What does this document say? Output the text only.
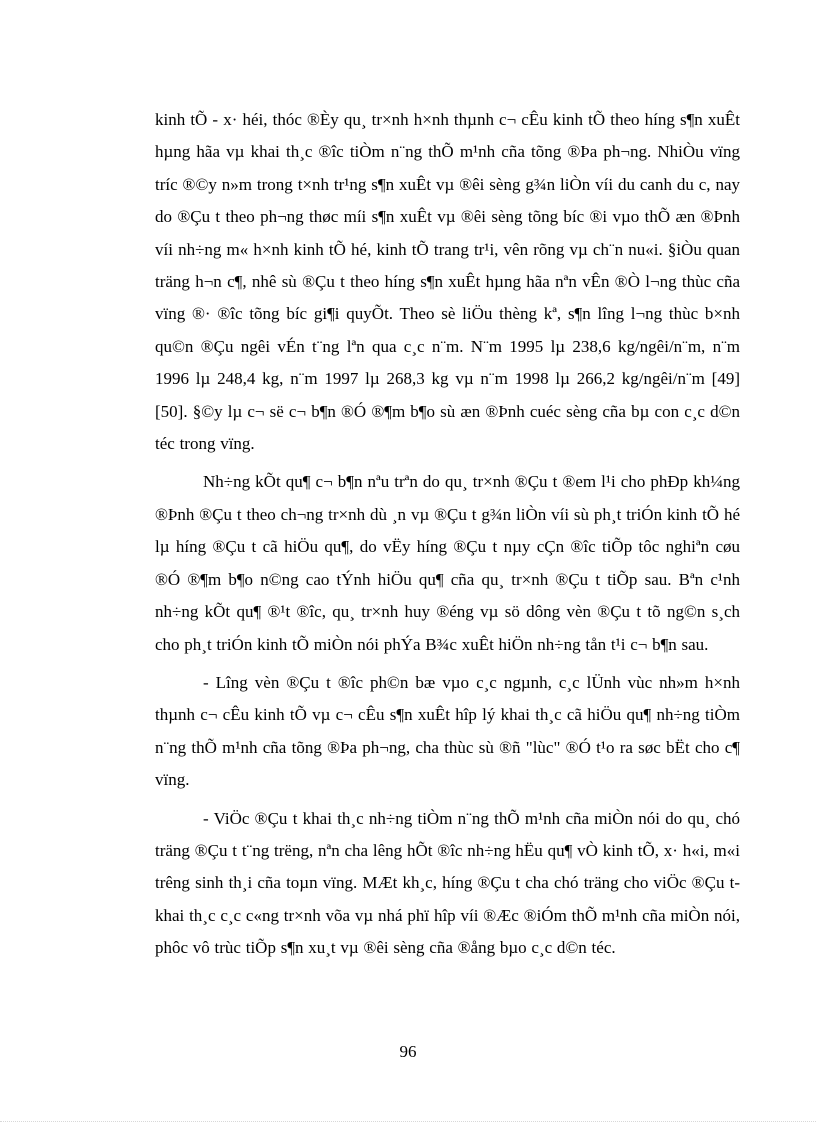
kinh tÕ - x· héi, thóc ®Èy qu¸ tr×nh h×nh thµnh c¬ cÊu kinh tÕ theo híng s¶n xuÊt hµng hãa vµ khai th¸c ®îc tiÒm n¨ng thÕ m¹nh cña tõng ®Þa ph¬ng. NhiÒu vïng tríc ®©y n»m trong t×nh tr¹ng s¶n xuÊt vµ ®êi sèng g¾n liÒn víi du canh du c, nay do ®Çu t theo ph¬ng thøc míi s¶n xuÊt vµ ®êi sèng tõng bíc ®i vµo thÕ æn ®Þnh víi nh÷ng m« h×nh kinh tÕ hé, kinh tÕ trang tr¹i, vên rõng vµ ch¨n nu«i. §iÒu quan träng h¬n c¶, nhê sù ®Çu t theo híng s¶n xuÊt hµng hãa nªn vÊn ®Ò l¬ng thùc cña vïng ®· ®îc tõng bíc gi¶i quyÕt. Theo sè liÖu thèng kª, s¶n lîng l¬ng thùc b×nh qu©n ®Çu ngêi vÉn t¨ng lªn qua c¸c n¨m. N¨m 1995 lµ 238,6 kg/ngêi/n¨m, n¨m 1996 lµ 248,4 kg, n¨m 1997 lµ 268,3 kg vµ n¨m 1998 lµ 266,2 kg/ngêi/n¨m [49] [50]. §©y lµ c¬ së c¬ b¶n ®Ó ®¶m b¶o sù æn ®Þnh cuéc sèng cña bµ con c¸c d©n téc trong vïng.

Nh÷ng kÕt qu¶ c¬ b¶n nªu trªn do qu¸ tr×nh ®Çu t ®em l¹i cho phÐp kh¼ng ®Þnh ®Çu t theo ch¬ng tr×nh dù ¸n vµ ®Çu t g¾n liÒn víi sù ph¸t triÓn kinh tÕ hé lµ híng ®Çu t cã hiÖu qu¶, do vËy híng ®Çu t nµy cÇn ®îc tiÕp tôc nghiªn cøu ®Ó ®¶m b¶o n©ng cao tÝnh hiÖu qu¶ cña qu¸ tr×nh ®Çu t tiÕp sau. Bªn c¹nh nh÷ng kÕt qu¶ ®¹t ®îc, qu¸ tr×nh huy ®éng vµ sö dông vèn ®Çu t tõ ng©n s¸ch cho ph¸t triÓn kinh tÕ miÒn nói phÝa B¾c xuÊt hiÖn nh÷ng tån t¹i c¬ b¶n sau.

- Lîng vèn ®Çu t ®îc ph©n bæ vµo c¸c ngµnh, c¸c lÜnh vùc nh»m h×nh thµnh c¬ cÊu kinh tÕ vµ c¬ cÊu s¶n xuÊt hîp lý khai th¸c cã hiÖu qu¶ nh÷ng tiÒm n¨ng thÕ m¹nh cña tõng ®Þa ph¬ng, cha thùc sù ®ñ "lùc" ®Ó t¹o ra søc bËt cho c¶ vïng.

- ViÖc ®Çu t khai th¸c nh÷ng tiÒm n¨ng thÕ m¹nh cña miÒn nói do qu¸ chó träng ®Çu t t¨ng trëng, nªn cha lêng hÕt ®îc nh÷ng hËu qu¶ vÒ kinh tÕ, x· h«i, m«i trêng sinh th¸i cña toµn vïng. MÆt kh¸c, híng ®Çu t cha chó träng cho viÖc ®Çu t khai th¸c c¸c c«ng tr×nh võa vµ nhá phï hîp víi ®Æc ®iÓm thÕ m¹nh cña miÒn nói, phôc vô trùc tiÕp s¶n xu¸t vµ ®êi sèng cña ®ång bµo c¸c d©n téc.

96
